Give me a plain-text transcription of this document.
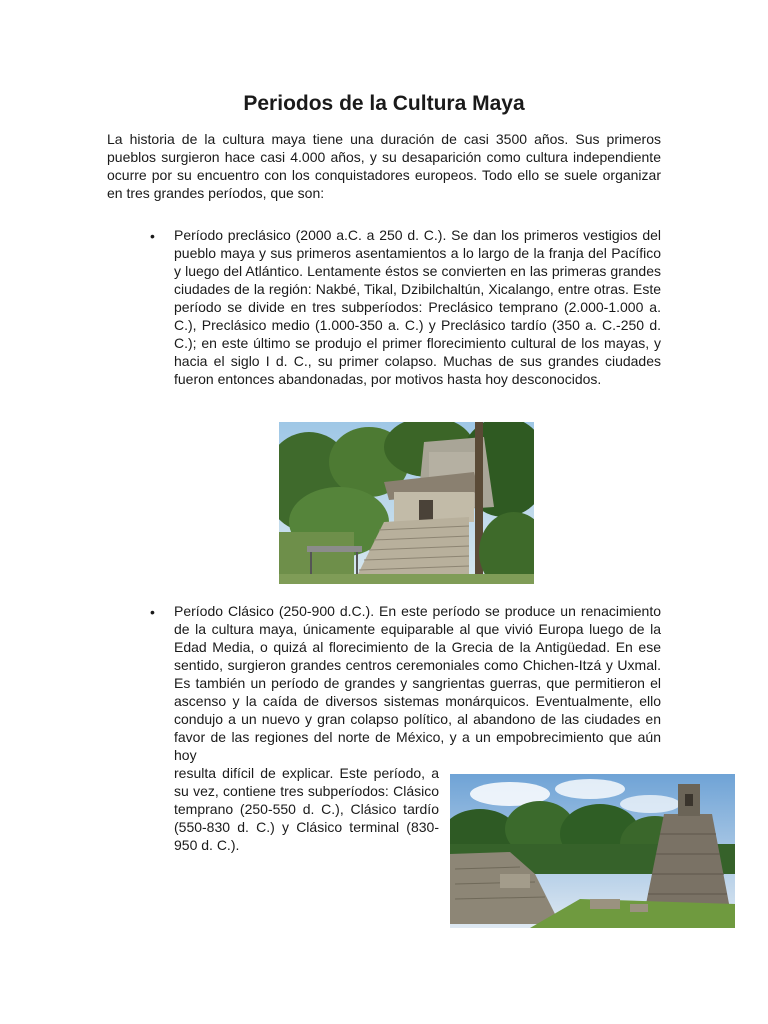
Periodos de la Cultura Maya

La historia de la cultura maya tiene una duración de casi 3500 años. Sus primeros pueblos surgieron hace casi 4.000 años, y su desaparición como cultura independiente ocurre por su encuentro con los conquistadores europeos. Todo ello se suele organizar en tres grandes períodos, que son:

• Período preclásico (2000 a.C. a 250 d. C.). Se dan los primeros vestigios del pueblo maya y sus primeros asentamientos a lo largo de la franja del Pacífico y luego del Atlántico. Lentamente éstos se convierten en las primeras grandes ciudades de la región: Nakbé, Tikal, Dzibilchaltún, Xicalango, entre otras. Este período se divide en tres subperíodos: Preclásico temprano (2.000-1.000 a. C.), Preclásico medio (1.000-350 a. C.) y Preclásico tardío (350 a. C.-250 d. C.); en este último se produjo el primer florecimiento cultural de los mayas, y hacia el siglo I d. C., su primer colapso. Muchas de sus grandes ciudades fueron entonces abandonadas, por motivos hasta hoy desconocidos.

• Período Clásico (250-900 d.C.). En este período se produce un renacimiento de la cultura maya, únicamente equiparable al que vivió Europa luego de la Edad Media, o quizá al florecimiento de la Grecia de la Antigüedad. En ese sentido, surgieron grandes centros ceremoniales como Chichen-Itzá y Uxmal. Es también un período de grandes y sangrientas guerras, que permitieron el ascenso y la caída de diversos sistemas monárquicos. Eventualmente, ello condujo a un nuevo y gran colapso político, al abandono de las ciudades en favor de las regiones del norte de México, y a un empobrecimiento que aún hoy

resulta difícil de explicar. Este período, a su vez, contiene tres subperíodos: Clásico temprano (250-550 d. C.), Clásico tardío (550-830 d. C.) y Clásico terminal (830-950 d. C.).
